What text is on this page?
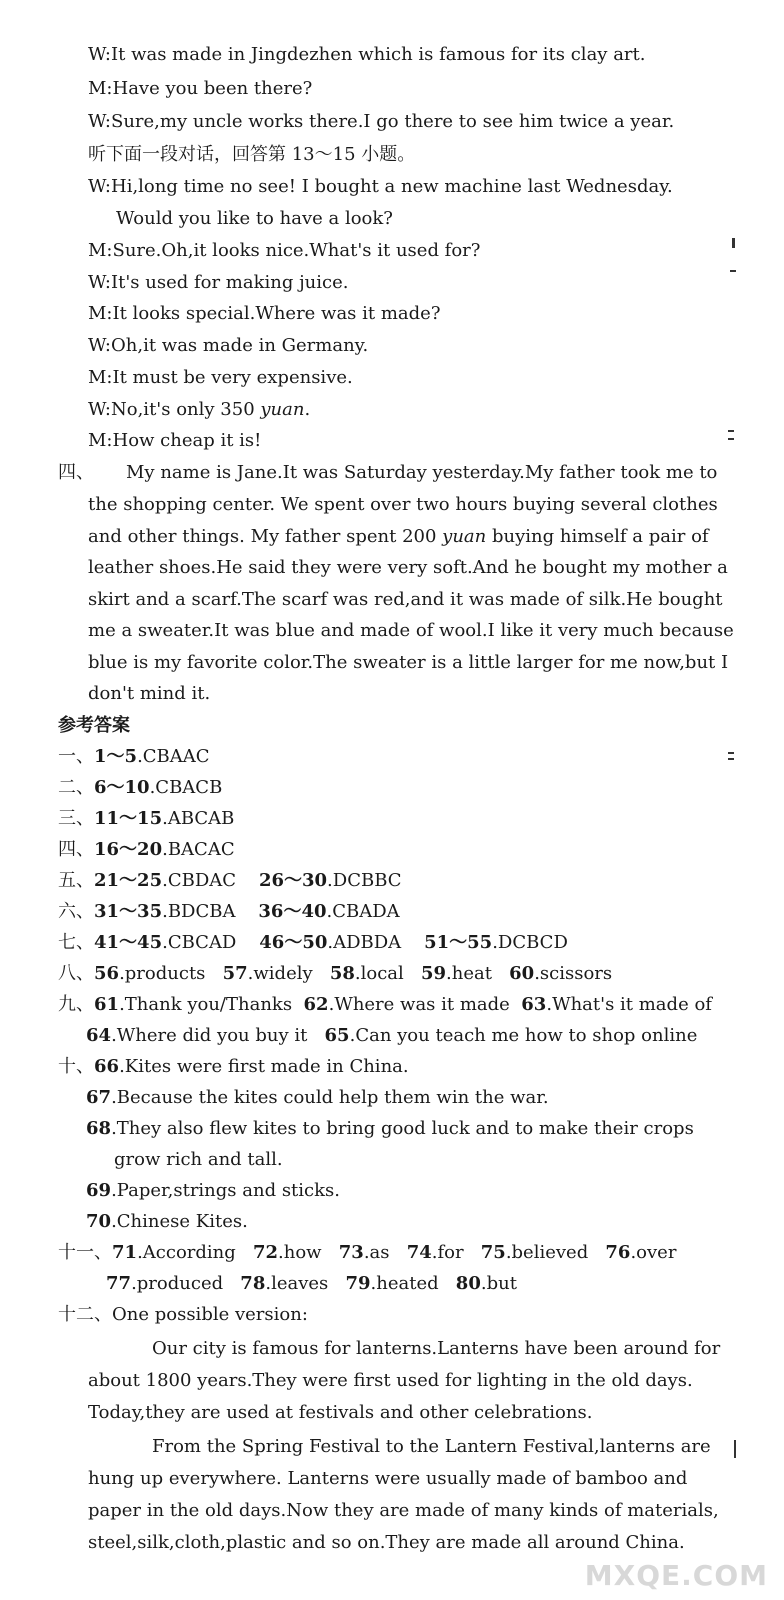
W:It was made in Jingdezhen which is famous for its clay art.
M:Have you been there?
W:Sure,my uncle works there.I go there to see him twice a year.
听下面一段对话，回答第 13～15 小题。
W:Hi,long time no see! I bought a new machine last Wednesday.
Would you like to have a look?
M:Sure.Oh,it looks nice.What's it used for?
W:It's used for making juice.
M:It looks special.Where was it made?
W:Oh,it was made in Germany.
M:It must be very expensive.
W:No,it's only 350 yuan.
M:How cheap it is!
四、 My name is Jane.It was Saturday yesterday.My father took me to
the shopping center. We spent over two hours buying several clothes
and other things. My father spent 200 yuan buying himself a pair of
leather shoes.He said they were very soft.And he bought my mother a
skirt and a scarf.The scarf was red,and it was made of silk.He bought
me a sweater.It was blue and made of wool.I like it very much because
blue is my favorite color.The sweater is a little larger for me now,but I
don't mind it.
参考答案
一、1～5.CBAAC
二、6～10.CBACB
三、11～15.ABCAB
四、16～20.BACAC
五、21～25.CBDAC 26～30.DCBBC
六、31～35.BDCBA 36～40.CBADA
七、41～45.CBCAD 46～50.ADBDA 51～55.DCBCD
八、56.products 57.widely 58.local 59.heat 60.scissors
九、61.Thank you/Thanks 62.Where was it made 63.What's it made of
64.Where did you buy it 65.Can you teach me how to shop online
十、66.Kites were first made in China.
67.Because the kites could help them win the war.
68.They also flew kites to bring good luck and to make their crops
grow rich and tall.
69.Paper,strings and sticks.
70.Chinese Kites.
十一、71.According 72.how 73.as 74.for 75.believed 76.over
77.produced 78.leaves 79.heated 80.but
十二、One possible version:
Our city is famous for lanterns.Lanterns have been around for
about 1800 years.They were first used for lighting in the old days.
Today,they are used at festivals and other celebrations.
From the Spring Festival to the Lantern Festival,lanterns are
hung up everywhere. Lanterns were usually made of bamboo and
paper in the old days.Now they are made of many kinds of materials,
steel,silk,cloth,plastic and so on.They are made all around China.
MXQE.COM
